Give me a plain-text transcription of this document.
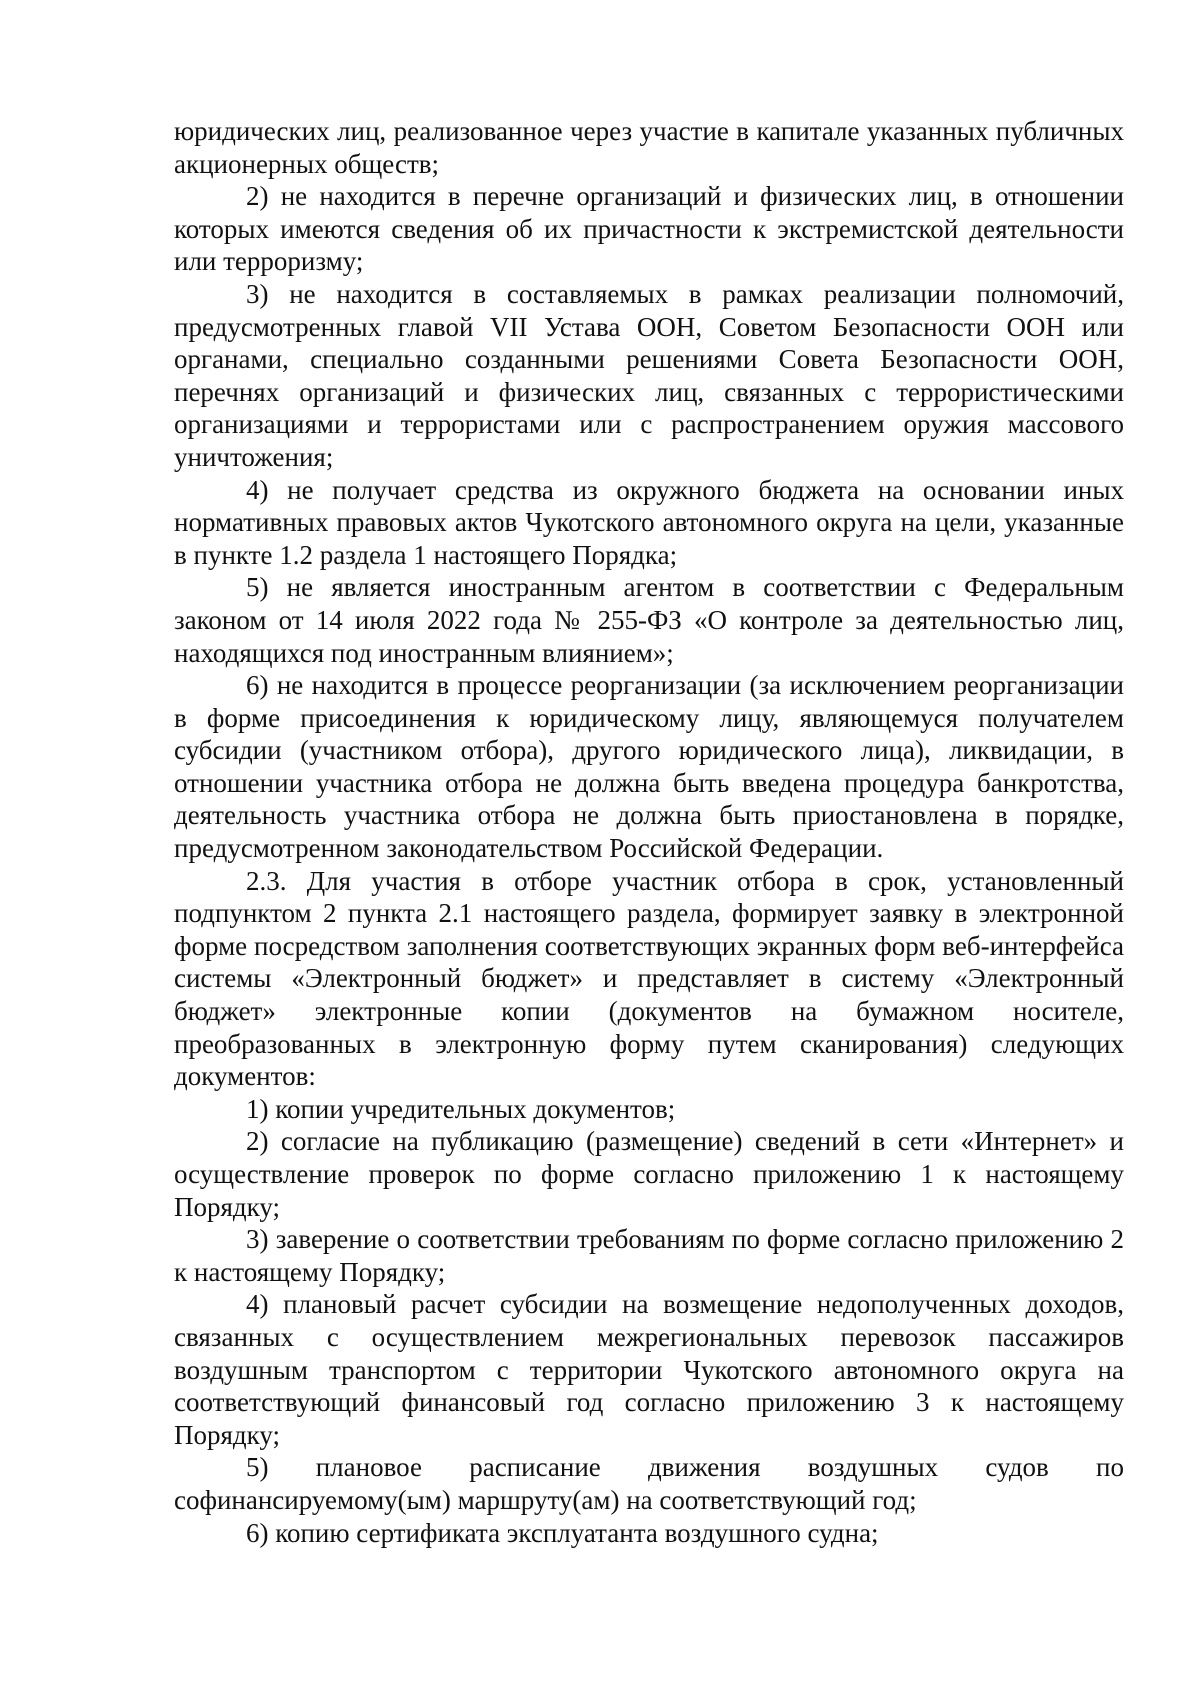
юридических лиц, реализованное через участие в капитале указанных публичных акционерных обществ;

2) не находится в перечне организаций и физических лиц, в отношении которых имеются сведения об их причастности к экстремистской деятельности или терроризму;

3) не находится в составляемых в рамках реализации полномочий, предусмотренных главой VII Устава ООН, Советом Безопасности ООН или органами, специально созданными решениями Совета Безопасности ООН, перечнях организаций и физических лиц, связанных с террористическими организациями и террористами или с распространением оружия массового уничтожения;

4) не получает средства из окружного бюджета на основании иных нормативных правовых актов Чукотского автономного округа на цели, указанные в пункте 1.2 раздела 1 настоящего Порядка;

5) не является иностранным агентом в соответствии с Федеральным законом от 14 июля 2022 года № 255-ФЗ «О контроле за деятельностью лиц, находящихся под иностранным влиянием»;

6) не находится в процессе реорганизации (за исключением реорганизации в форме присоединения к юридическому лицу, являющемуся получателем субсидии (участником отбора), другого юридического лица), ликвидации, в отношении участника отбора не должна быть введена процедура банкротства, деятельность участника отбора не должна быть приостановлена в порядке, предусмотренном законодательством Российской Федерации.

2.3. Для участия в отборе участник отбора в срок, установленный подпунктом 2 пункта 2.1 настоящего раздела, формирует заявку в электронной форме посредством заполнения соответствующих экранных форм веб-интерфейса системы «Электронный бюджет» и представляет в систему «Электронный бюджет» электронные копии (документов на бумажном носителе, преобразованных в электронную форму путем сканирования) следующих документов:

1) копии учредительных документов;

2) согласие на публикацию (размещение) сведений в сети «Интернет» и осуществление проверок по форме согласно приложению 1 к настоящему Порядку;

3) заверение о соответствии требованиям по форме согласно приложению 2 к настоящему Порядку;

4) плановый расчет субсидии на возмещение недополученных доходов, связанных с осуществлением межрегиональных перевозок пассажиров воздушным транспортом с территории Чукотского автономного округа на соответствующий финансовый год согласно приложению 3 к настоящему Порядку;

5) плановое расписание движения воздушных судов по софинансируемому(ым) маршруту(ам) на соответствующий год;

6) копию сертификата эксплуатанта воздушного судна;
